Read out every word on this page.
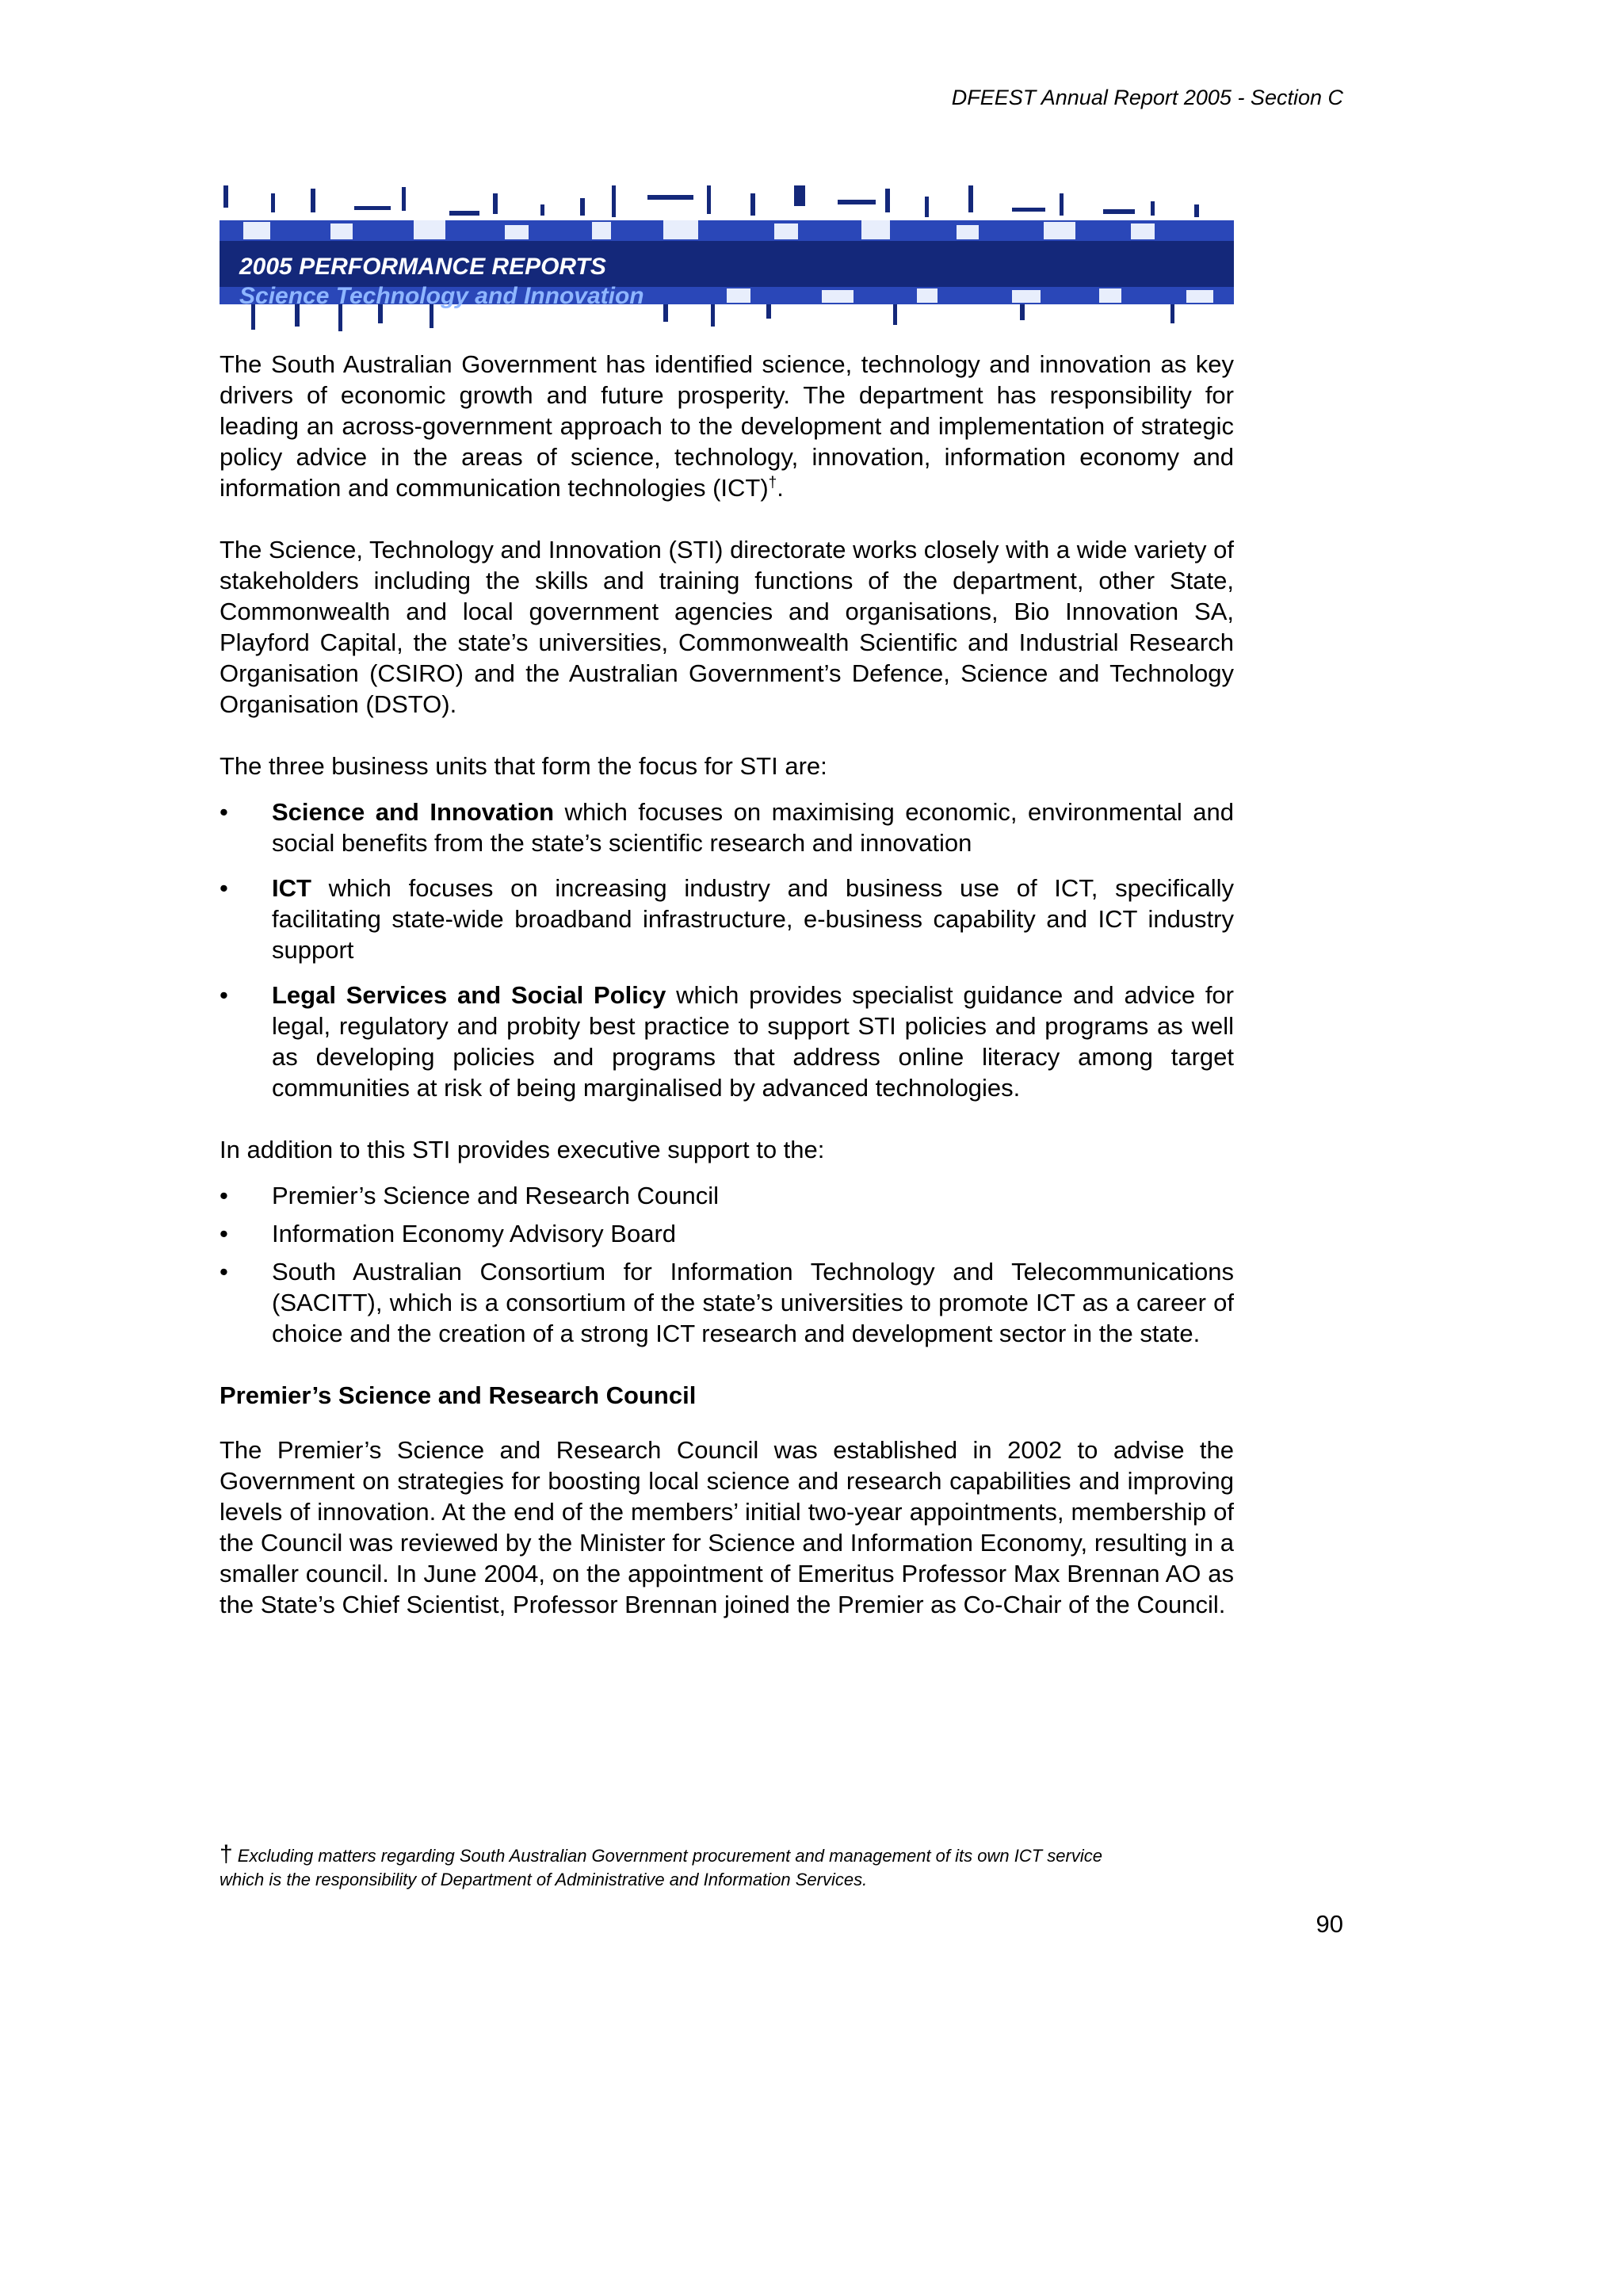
DFEEST Annual Report 2005 - Section C
2005 PERFORMANCE REPORTS
Science Technology and Innovation

The South Australian Government has identified science, technology and innovation as key drivers of economic growth and future prosperity. The department has responsibility for leading an across-government approach to the development and implementation of strategic policy advice in the areas of science, technology, innovation, information economy and information and communication technologies (ICT)†.

The Science, Technology and Innovation (STI) directorate works closely with a wide variety of stakeholders including the skills and training functions of the department, other State, Commonwealth and local government agencies and organisations, Bio Innovation SA, Playford Capital, the state’s universities, Commonwealth Scientific and Industrial Research Organisation (CSIRO) and the Australian Government’s Defence, Science and Technology Organisation (DSTO).

The three business units that form the focus for STI are:

• Science and Innovation which focuses on maximising economic, environmental and social benefits from the state’s scientific research and innovation
• ICT which focuses on increasing industry and business use of ICT, specifically facilitating state-wide broadband infrastructure, e-business capability and ICT industry support
• Legal Services and Social Policy which provides specialist guidance and advice for legal, regulatory and probity best practice to support STI policies and programs as well as developing policies and programs that address online literacy among target communities at risk of being marginalised by advanced technologies.

In addition to this STI provides executive support to the:

• Premier’s Science and Research Council
• Information Economy Advisory Board
• South Australian Consortium for Information Technology and Telecommunications (SACITT), which is a consortium of the state’s universities to promote ICT as a career of choice and the creation of a strong ICT research and development sector in the state.
Premier’s Science and Research Council

The Premier’s Science and Research Council was established in 2002 to advise the Government on strategies for boosting local science and research capabilities and improving levels of innovation. At the end of the members’ initial two-year appointments, membership of the Council was reviewed by the Minister for Science and Information Economy, resulting in a smaller council. In June 2004, on the appointment of Emeritus Professor Max Brennan AO as the State’s Chief Scientist, Professor Brennan joined the Premier as Co-Chair of the Council.

† Excluding matters regarding South Australian Government procurement and management of its own ICT service which is the responsibility of Department of Administrative and Information Services.
90
